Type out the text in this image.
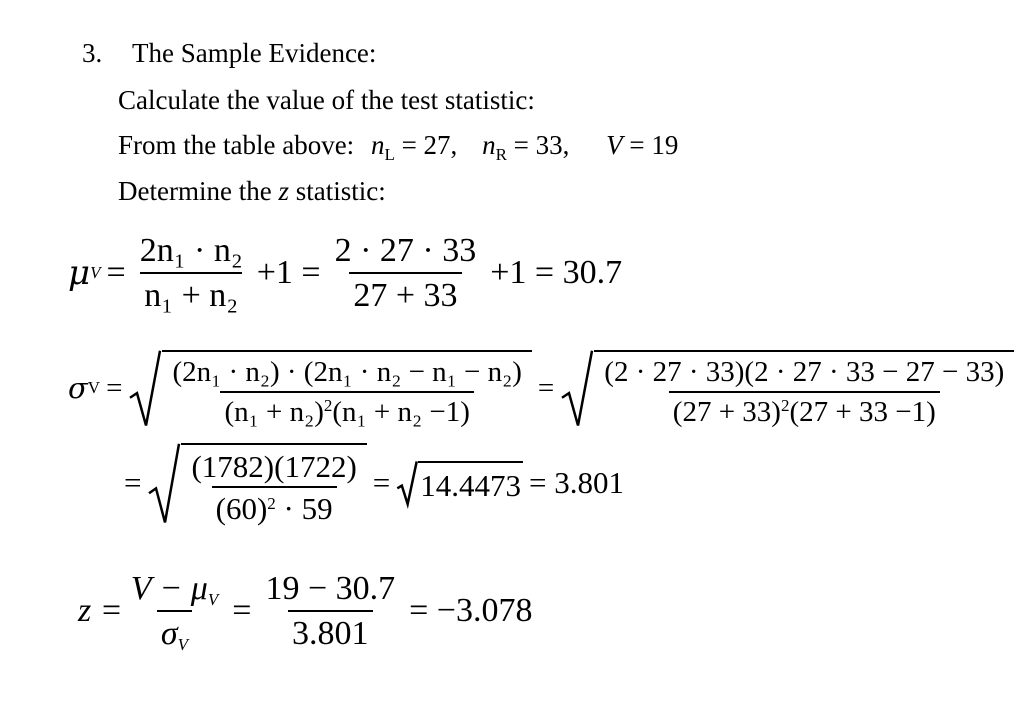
3. The Sample Evidence:
Calculate the value of the test statistic:
From the table above: $n_L = 27$, $n_R = 33$, V = 19
Determine the z statistic:
μ $V = \frac{\text{2n₁ · n₂}}{\text{n₁ + n₂}} +1 = \frac{2 \cdot 27 \cdot 33}{27 + 33} +1 = 30.7$
σ $V = \frac{\text{(2n₁ · n₂) · (2n₁ · n₂ − n₁ − n₂)}}{(n_1 + n_2)^2(n_1 + n_2 -1)} = \frac{(2 \cdot 27 \cdot 33)(2 \cdot 27 \cdot 33 - 27 - 33)}{(27 + 33)^2(27 + 33 -1)}$
= $\frac{(1782)(1722)}{(60)^2 \cdot 59} = 14.4473 = 3.801$
$z = \frac{V - \mu_V}{\sigma_V} = \frac{19 - 30.7}{3.801} = -3.078$
